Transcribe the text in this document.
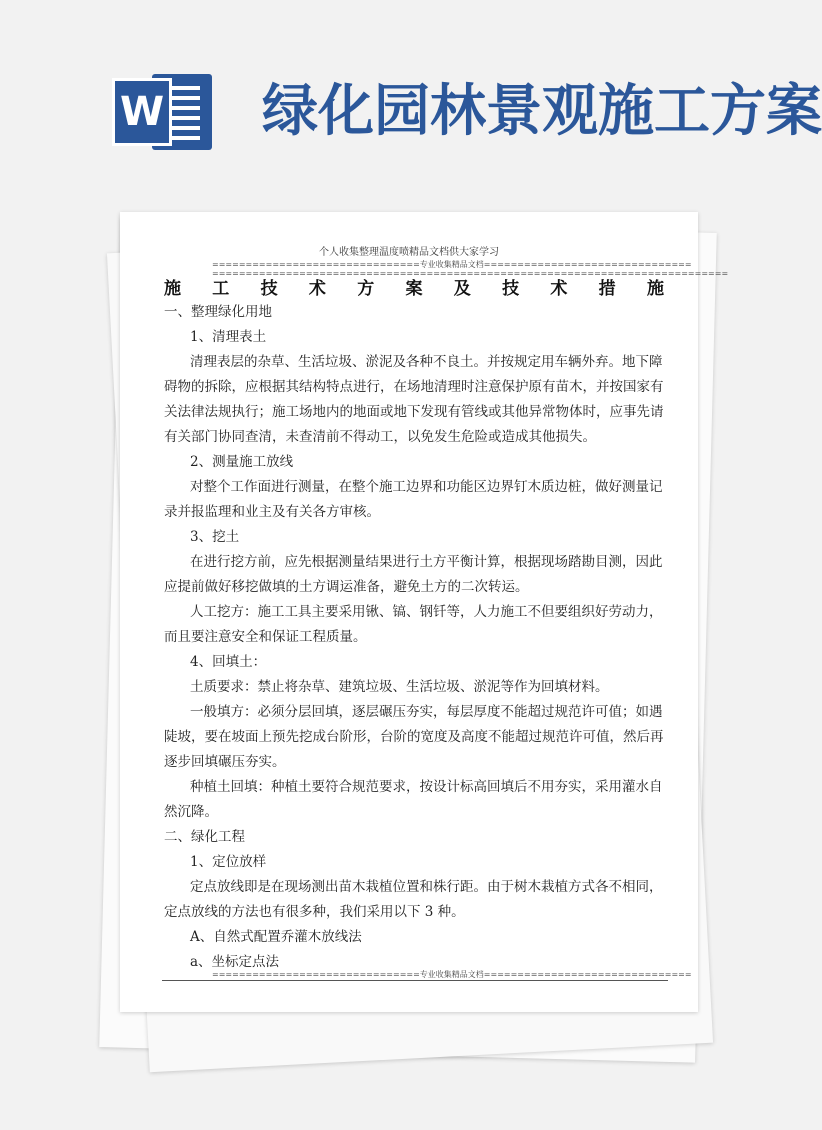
W 绿化园林景观施工方案
个人收集整理温度喷精品文档供大家学习
===============================专业收集精品文档===============================
=============================================================================
施 工 技 术 方 案 及 技 术 措 施

一、整理绿化用地

1、清理表土

清理表层的杂草、生活垃圾、淤泥及各种不良土。并按规定用车辆外弃。地下障碍物的拆除，应根据其结构特点进行，在场地清理时注意保护原有苗木，并按国家有关法律法规执行；施工场地内的地面或地下发现有管线或其他异常物体时，应事先请有关部门协同查清，未查清前不得动工，以免发生危险或造成其他损失。

2、测量施工放线

对整个工作面进行测量，在整个施工边界和功能区边界钉木质边桩，做好测量记录并报监理和业主及有关各方审核。

3、挖土

在进行挖方前，应先根据测量结果进行土方平衡计算，根据现场踏勘目测，因此应提前做好移挖做填的土方调运准备，避免土方的二次转运。

人工挖方：施工工具主要采用锹、镐、钢钎等，人力施工不但要组织好劳动力，而且要注意安全和保证工程质量。

4、回填土：

土质要求：禁止将杂草、建筑垃圾、生活垃圾、淤泥等作为回填材料。

一般填方：必须分层回填，逐层碾压夯实，每层厚度不能超过规范许可值；如遇陡坡，要在坡面上预先挖成台阶形，台阶的宽度及高度不能超过规范许可值，然后再逐步回填碾压夯实。

种植土回填：种植土要符合规范要求，按设计标高回填后不用夯实，采用灌水自然沉降。

二、绿化工程

1、定位放样

定点放线即是在现场测出苗木栽植位置和株行距。由于树木栽植方式各不相同，定点放线的方法也有很多种，我们采用以下 3 种。

A、自然式配置乔灌木放线法

a、坐标定点法

===============================专业收集精品文档===============================
